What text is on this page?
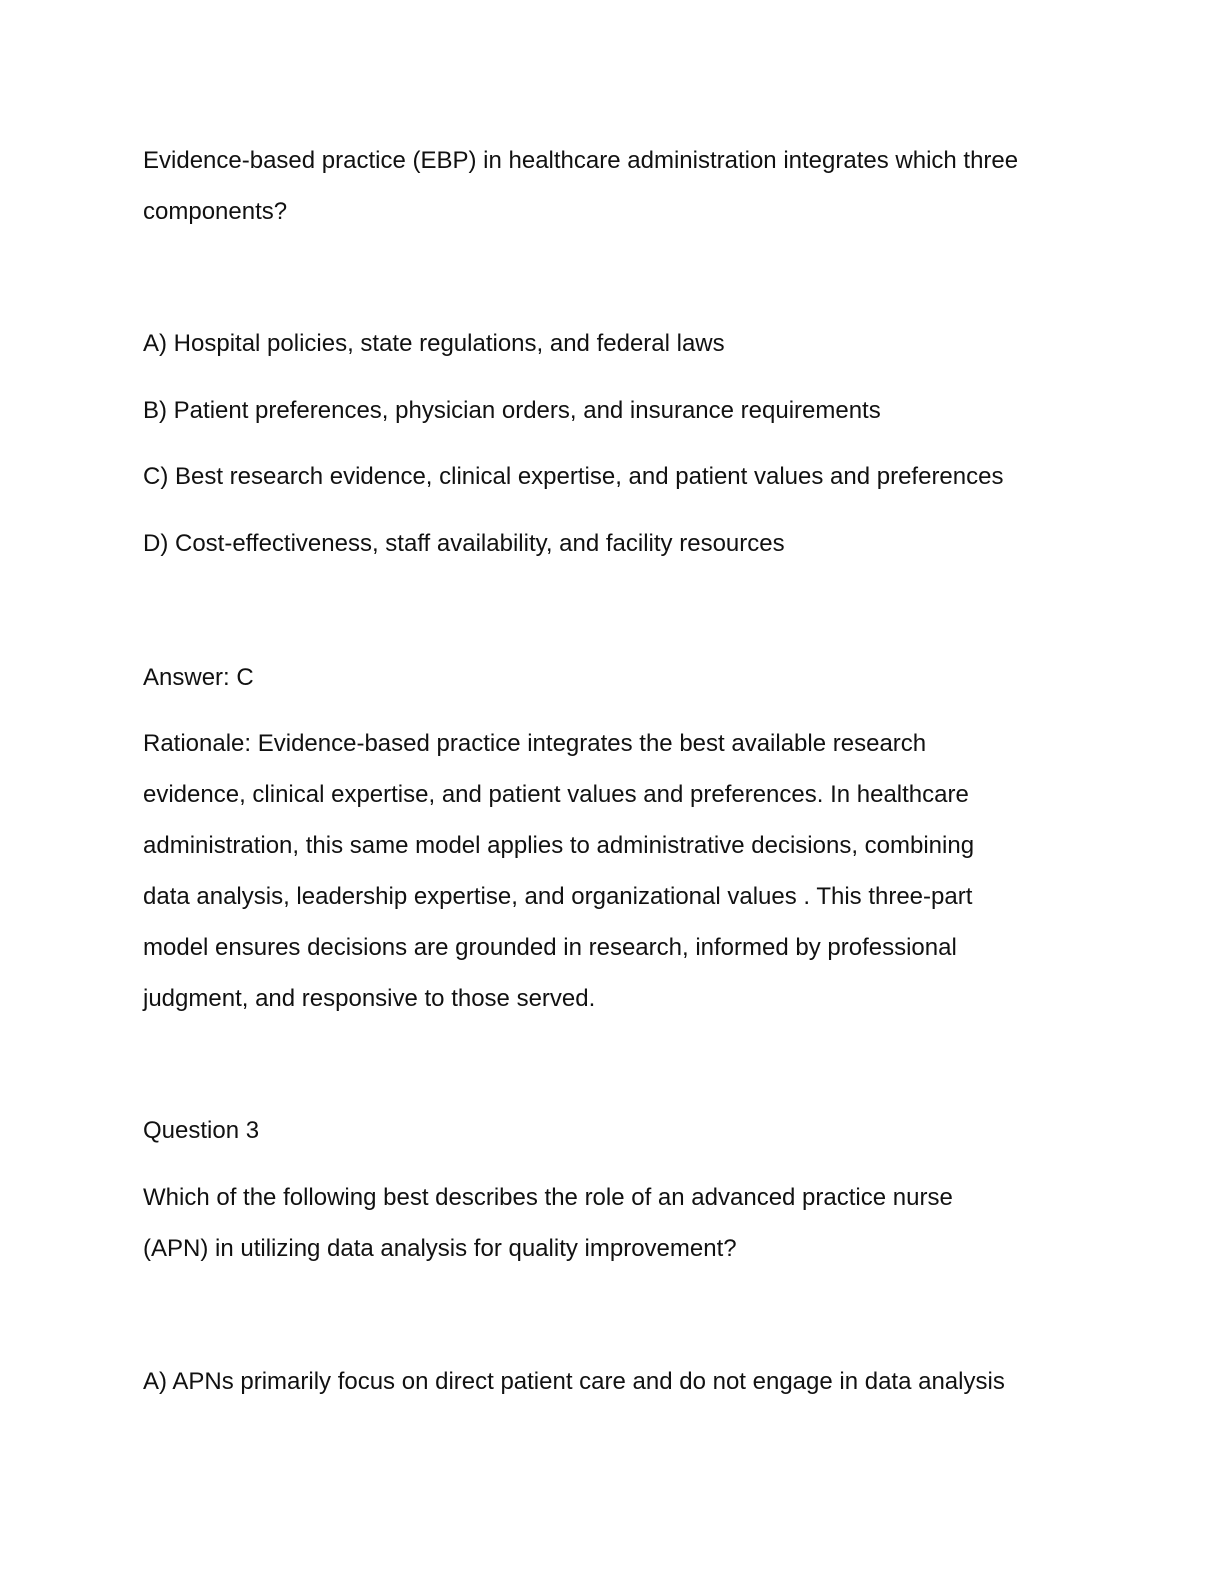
Evidence-based practice (EBP) in healthcare administration integrates which three
components?

A) Hospital policies, state regulations, and federal laws

B) Patient preferences, physician orders, and insurance requirements

C) Best research evidence, clinical expertise, and patient values and preferences

D) Cost-effectiveness, staff availability, and facility resources

Answer: C

Rationale: Evidence-based practice integrates the best available research
evidence, clinical expertise, and patient values and preferences. In healthcare
administration, this same model applies to administrative decisions, combining
data analysis, leadership expertise, and organizational values . This three-part
model ensures decisions are grounded in research, informed by professional
judgment, and responsive to those served.

Question 3

Which of the following best describes the role of an advanced practice nurse
(APN) in utilizing data analysis for quality improvement?

A) APNs primarily focus on direct patient care and do not engage in data analysis
